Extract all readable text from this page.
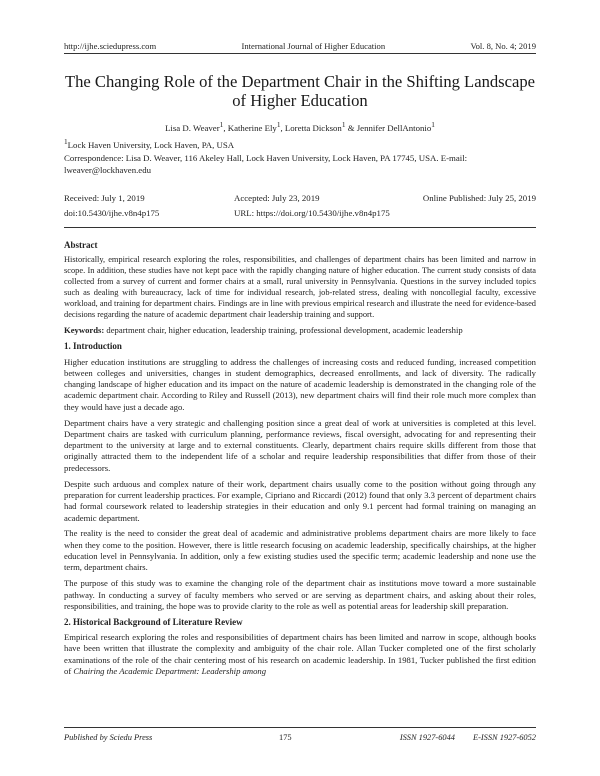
http://ijhe.sciedupress.com	International Journal of Higher Education	Vol. 8, No. 4; 2019
The Changing Role of the Department Chair in the Shifting Landscape of Higher Education
Lisa D. Weaver$^1$, Katherine Ely$^1$, Loretta Dickson$^1$ & Jennifer DellAntonio$^1$
$^1$Lock Haven University, Lock Haven, PA, USA
Correspondence: Lisa D. Weaver, 116 Akeley Hall, Lock Haven University, Lock Haven, PA 17745, USA. E-mail: lweaver@lockhaven.edu
Received: July 1, 2019	Accepted: July 23, 2019	Online Published: July 25, 2019
doi:10.5430/ijhe.v8n4p175	URL: https://doi.org/10.5430/ijhe.v8n4p175
Abstract

Historically, empirical research exploring the roles, responsibilities, and challenges of department chairs has been limited and narrow in scope. In addition, these studies have not kept pace with the rapidly changing nature of higher education. The current study consists of data collected from a survey of current and former chairs at a small, rural university in Pennsylvania. Questions in the survey included topics such as dealing with bureaucracy, lack of time for individual research, job-related stress, dealing with noncollegial faculty, excessive workload, and training for department chairs. Findings are in line with previous empirical research and illustrate the need for evidence-based decisions regarding the nature of academic department chair leadership training and support.

Keywords: department chair, higher education, leadership training, professional development, academic leadership

1. Introduction

Higher education institutions are struggling to address the challenges of increasing costs and reduced funding, increased competition between colleges and universities, changes in student demographics, decreased enrollments, and lack of diversity. The radically changing landscape of higher education and its impact on the nature of academic leadership is demonstrated in the changing role of the academic department chair. According to Riley and Russell (2013), new department chairs will find their role much more complex than they would have just a decade ago.

Department chairs have a very strategic and challenging position since a great deal of work at universities is completed at this level. Department chairs are tasked with curriculum planning, performance reviews, fiscal oversight, advocating for and representing their department to the university at large and to external constituents. Clearly, department chairs require skills different from those that originally attracted them to the independent life of a scholar and require leadership responsibilities that differ from those of their predecessors.

Despite such arduous and complex nature of their work, department chairs usually come to the position without going through any preparation for current leadership practices. For example, Cipriano and Riccardi (2012) found that only 3.3 percent of department chairs had formal coursework related to leadership strategies in their education and only 9.1 percent had formal training on managing an academic department.

The reality is the need to consider the great deal of academic and administrative problems department chairs are more likely to face when they come to the position. However, there is little research focusing on academic leadership, specifically chairships, at the higher education level in Pennsylvania. In addition, only a few existing studies used the specific term; academic leadership and none use the term, department chairs.

The purpose of this study was to examine the changing role of the department chair as institutions move toward a more sustainable pathway. In conducting a survey of faculty members who served or are serving as department chairs, and asking about their roles, responsibilities, and training, the hope was to provide clarity to the role as well as potential areas for leadership skill preparation.

2. Historical Background of Literature Review

Empirical research exploring the roles and responsibilities of department chairs has been limited and narrow in scope, although books have been written that illustrate the complexity and ambiguity of the chair role. Allan Tucker completed one of the first scholarly examinations of the role of the chair centering most of his research on academic leadership. In 1981, Tucker published the first edition of Chairing the Academic Department: Leadership among

Published by Sciedu Press	175	ISSN 1927-6044 E-ISSN 1927-6052
